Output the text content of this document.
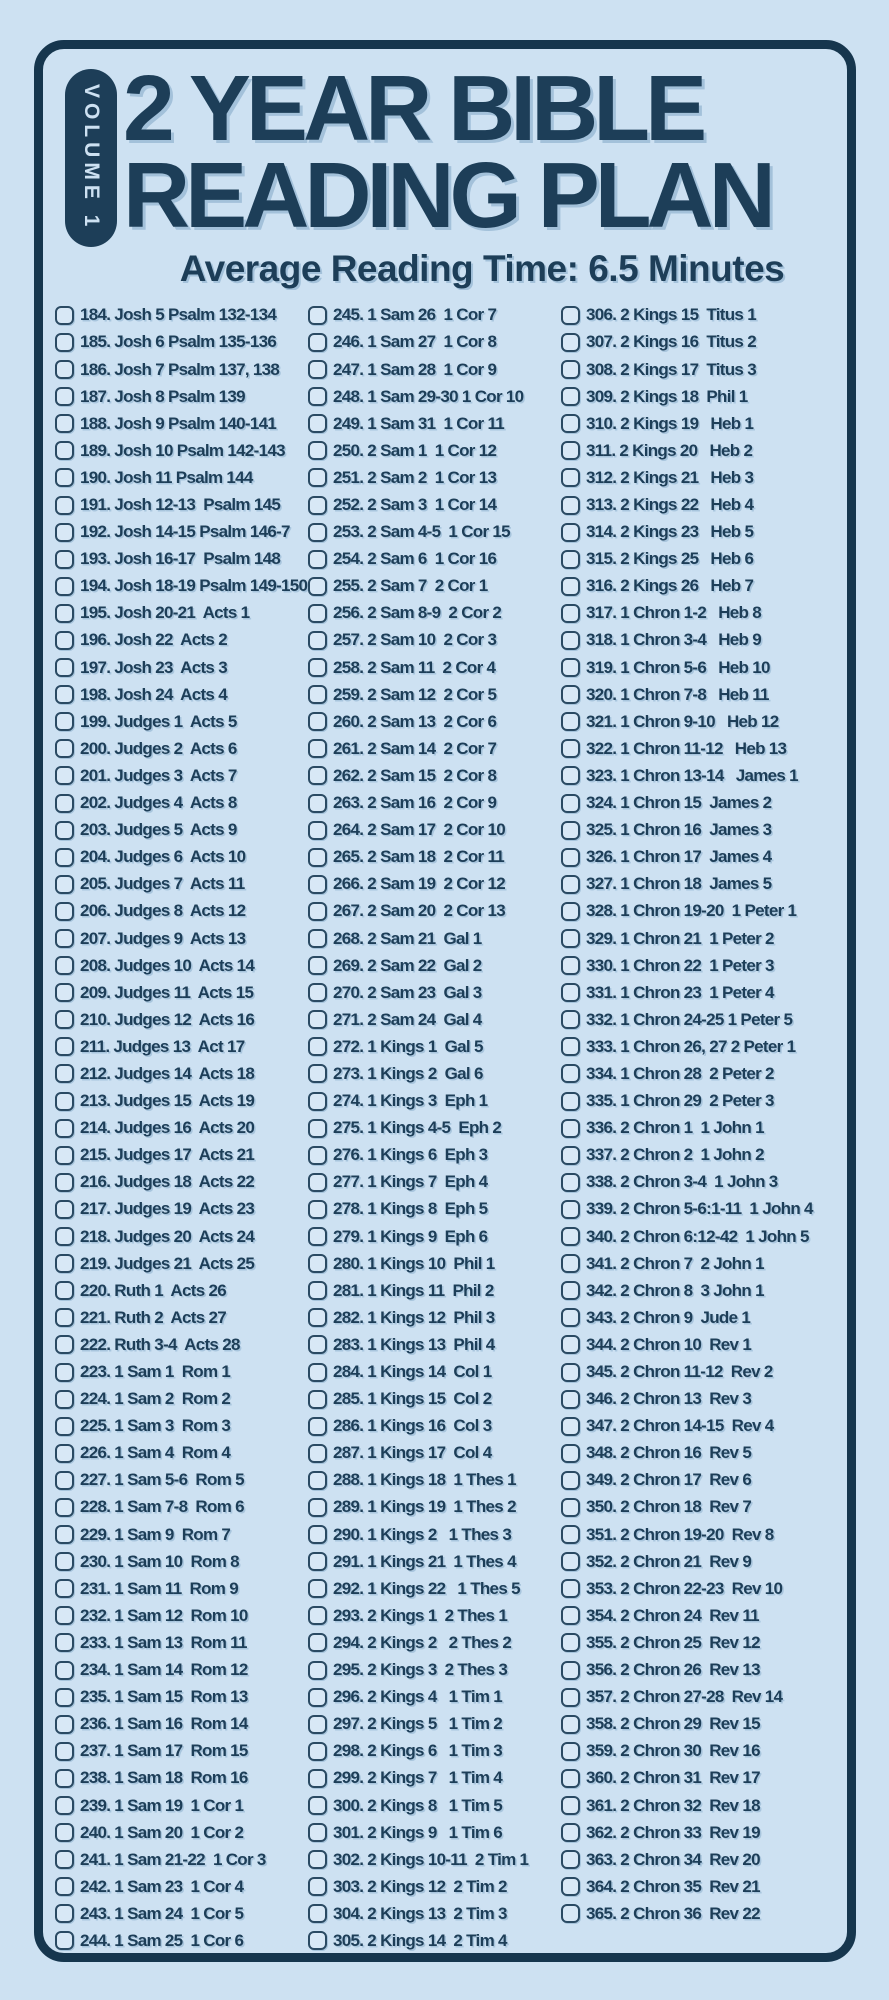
VOLUME 1 2 YEAR BIBLE
READING PLAN
Average Reading Time: 6.5 Minutes
184. Josh 5 Psalm 132-134
185. Josh 6 Psalm 135-136
186. Josh 7 Psalm 137, 138
187. Josh 8 Psalm 139
188. Josh 9 Psalm 140-141
189. Josh 10 Psalm 142-143
190. Josh 11 Psalm 144
191. Josh 12-13  Psalm 145
192. Josh 14-15 Psalm 146-7
193. Josh 16-17  Psalm 148
194. Josh 18-19 Psalm 149-150
195. Josh 20-21  Acts 1
196. Josh 22  Acts 2
197. Josh 23  Acts 3
198. Josh 24  Acts 4
199. Judges 1  Acts 5
200. Judges 2  Acts 6
201. Judges 3  Acts 7
202. Judges 4  Acts 8
203. Judges 5  Acts 9
204. Judges 6  Acts 10
205. Judges 7  Acts 11
206. Judges 8  Acts 12
207. Judges 9  Acts 13
208. Judges 10  Acts 14
209. Judges 11  Acts 15
210. Judges 12  Acts 16
211. Judges 13  Act 17
212. Judges 14  Acts 18
213. Judges 15  Acts 19
214. Judges 16  Acts 20
215. Judges 17  Acts 21
216. Judges 18  Acts 22
217. Judges 19  Acts 23
218. Judges 20  Acts 24
219. Judges 21  Acts 25
220. Ruth 1  Acts 26
221. Ruth 2  Acts 27
222. Ruth 3-4  Acts 28
223. 1 Sam 1  Rom 1
224. 1 Sam 2  Rom 2
225. 1 Sam 3  Rom 3
226. 1 Sam 4  Rom 4
227. 1 Sam 5-6  Rom 5
228. 1 Sam 7-8  Rom 6
229. 1 Sam 9  Rom 7
230. 1 Sam 10  Rom 8
231. 1 Sam 11  Rom 9
232. 1 Sam 12  Rom 10
233. 1 Sam 13  Rom 11
234. 1 Sam 14  Rom 12
235. 1 Sam 15  Rom 13
236. 1 Sam 16  Rom 14
237. 1 Sam 17  Rom 15
238. 1 Sam 18  Rom 16
239. 1 Sam 19  1 Cor 1
240. 1 Sam 20  1 Cor 2
241. 1 Sam 21-22  1 Cor 3
242. 1 Sam 23  1 Cor 4
243. 1 Sam 24  1 Cor 5
244. 1 Sam 25  1 Cor 6
245. 1 Sam 26  1 Cor 7
246. 1 Sam 27  1 Cor 8
247. 1 Sam 28  1 Cor 9
248. 1 Sam 29-30 1 Cor 10
249. 1 Sam 31  1 Cor 11
250. 2 Sam 1  1 Cor 12
251. 2 Sam 2  1 Cor 13
252. 2 Sam 3  1 Cor 14
253. 2 Sam 4-5  1 Cor 15
254. 2 Sam 6  1 Cor 16
255. 2 Sam 7  2 Cor 1
256. 2 Sam 8-9  2 Cor 2
257. 2 Sam 10  2 Cor 3
258. 2 Sam 11  2 Cor 4
259. 2 Sam 12  2 Cor 5
260. 2 Sam 13  2 Cor 6
261. 2 Sam 14  2 Cor 7
262. 2 Sam 15  2 Cor 8
263. 2 Sam 16  2 Cor 9
264. 2 Sam 17  2 Cor 10
265. 2 Sam 18  2 Cor 11
266. 2 Sam 19  2 Cor 12
267. 2 Sam 20  2 Cor 13
268. 2 Sam 21  Gal 1
269. 2 Sam 22  Gal 2
270. 2 Sam 23  Gal 3
271. 2 Sam 24  Gal 4
272. 1 Kings 1  Gal 5
273. 1 Kings 2  Gal 6
274. 1 Kings 3  Eph 1
275. 1 Kings 4-5  Eph 2
276. 1 Kings 6  Eph 3
277. 1 Kings 7  Eph 4
278. 1 Kings 8  Eph 5
279. 1 Kings 9  Eph 6
280. 1 Kings 10  Phil 1
281. 1 Kings 11  Phil 2
282. 1 Kings 12  Phil 3
283. 1 Kings 13  Phil 4
284. 1 Kings 14  Col 1
285. 1 Kings 15  Col 2
286. 1 Kings 16  Col 3
287. 1 Kings 17  Col 4
288. 1 Kings 18  1 Thes 1
289. 1 Kings 19  1 Thes 2
290. 1 Kings 2   1 Thes 3
291. 1 Kings 21  1 Thes 4
292. 1 Kings 22   1 Thes 5
293. 2 Kings 1  2 Thes 1
294. 2 Kings 2   2 Thes 2
295. 2 Kings 3  2 Thes 3
296. 2 Kings 4   1 Tim 1
297. 2 Kings 5   1 Tim 2
298. 2 Kings 6   1 Tim 3
299. 2 Kings 7   1 Tim 4
300. 2 Kings 8   1 Tim 5
301. 2 Kings 9   1 Tim 6
302. 2 Kings 10-11  2 Tim 1
303. 2 Kings 12  2 Tim 2
304. 2 Kings 13  2 Tim 3
305. 2 Kings 14  2 Tim 4
306. 2 Kings 15  Titus 1
307. 2 Kings 16  Titus 2
308. 2 Kings 17  Titus 3
309. 2 Kings 18  Phil 1
310. 2 Kings 19   Heb 1
311. 2 Kings 20   Heb 2
312. 2 Kings 21   Heb 3
313. 2 Kings 22   Heb 4
314. 2 Kings 23   Heb 5
315. 2 Kings 25   Heb 6
316. 2 Kings 26   Heb 7
317. 1 Chron 1-2   Heb 8
318. 1 Chron 3-4   Heb 9
319. 1 Chron 5-6   Heb 10
320. 1 Chron 7-8   Heb 11
321. 1 Chron 9-10   Heb 12
322. 1 Chron 11-12   Heb 13
323. 1 Chron 13-14   James 1
324. 1 Chron 15  James 2
325. 1 Chron 16  James 3
326. 1 Chron 17  James 4
327. 1 Chron 18  James 5
328. 1 Chron 19-20  1 Peter 1
329. 1 Chron 21  1 Peter 2
330. 1 Chron 22  1 Peter 3
331. 1 Chron 23  1 Peter 4
332. 1 Chron 24-25 1 Peter 5
333. 1 Chron 26, 27 2 Peter 1
334. 1 Chron 28  2 Peter 2
335. 1 Chron 29  2 Peter 3
336. 2 Chron 1  1 John 1
337. 2 Chron 2  1 John 2
338. 2 Chron 3-4  1 John 3
339. 2 Chron 5-6:1-11  1 John 4
340. 2 Chron 6:12-42  1 John 5
341. 2 Chron 7  2 John 1
342. 2 Chron 8  3 John 1
343. 2 Chron 9  Jude 1
344. 2 Chron 10  Rev 1
345. 2 Chron 11-12  Rev 2
346. 2 Chron 13  Rev 3
347. 2 Chron 14-15  Rev 4
348. 2 Chron 16  Rev 5
349. 2 Chron 17  Rev 6
350. 2 Chron 18  Rev 7
351. 2 Chron 19-20  Rev 8
352. 2 Chron 21  Rev 9
353. 2 Chron 22-23  Rev 10
354. 2 Chron 24  Rev 11
355. 2 Chron 25  Rev 12
356. 2 Chron 26  Rev 13
357. 2 Chron 27-28  Rev 14
358. 2 Chron 29  Rev 15
359. 2 Chron 30  Rev 16
360. 2 Chron 31  Rev 17
361. 2 Chron 32  Rev 18
362. 2 Chron 33  Rev 19
363. 2 Chron 34  Rev 20
364. 2 Chron 35  Rev 21
365. 2 Chron 36  Rev 22
